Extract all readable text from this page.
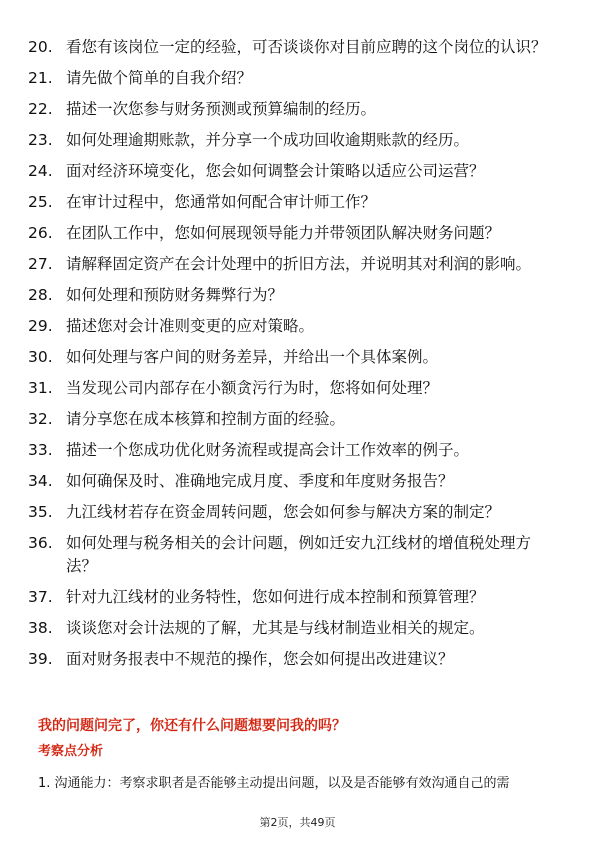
20. 看您有该岗位一定的经验，可否谈谈你对目前应聘的这个岗位的认识？
21. 请先做个简单的自我介绍？
22. 描述一次您参与财务预测或预算编制的经历。
23. 如何处理逾期账款，并分享一个成功回收逾期账款的经历。
24. 面对经济环境变化，您会如何调整会计策略以适应公司运营？
25. 在审计过程中，您通常如何配合审计师工作？
26. 在团队工作中，您如何展现领导能力并带领团队解决财务问题？
27. 请解释固定资产在会计处理中的折旧方法，并说明其对利润的影响。
28. 如何处理和预防财务舞弊行为？
29. 描述您对会计准则变更的应对策略。
30. 如何处理与客户间的财务差异，并给出一个具体案例。
31. 当发现公司内部存在小额贪污行为时，您将如何处理？
32. 请分享您在成本核算和控制方面的经验。
33. 描述一个您成功优化财务流程或提高会计工作效率的例子。
34. 如何确保及时、准确地完成月度、季度和年度财务报告？
35. 九江线材若存在资金周转问题，您会如何参与解决方案的制定？
36. 如何处理与税务相关的会计问题，例如迁安九江线材的增值税处理方法？
37. 针对九江线材的业务特性，您如何进行成本控制和预算管理？
38. 谈谈您对会计法规的了解，尤其是与线材制造业相关的规定。
39. 面对财务报表中不规范的操作，您会如何提出改进建议？
我的问题问完了，你还有什么问题想要问我的吗？
考察点分析
1. 沟通能力：考察求职者是否能够主动提出问题，以及是否能够有效沟通自己的需
第2页，共49页
